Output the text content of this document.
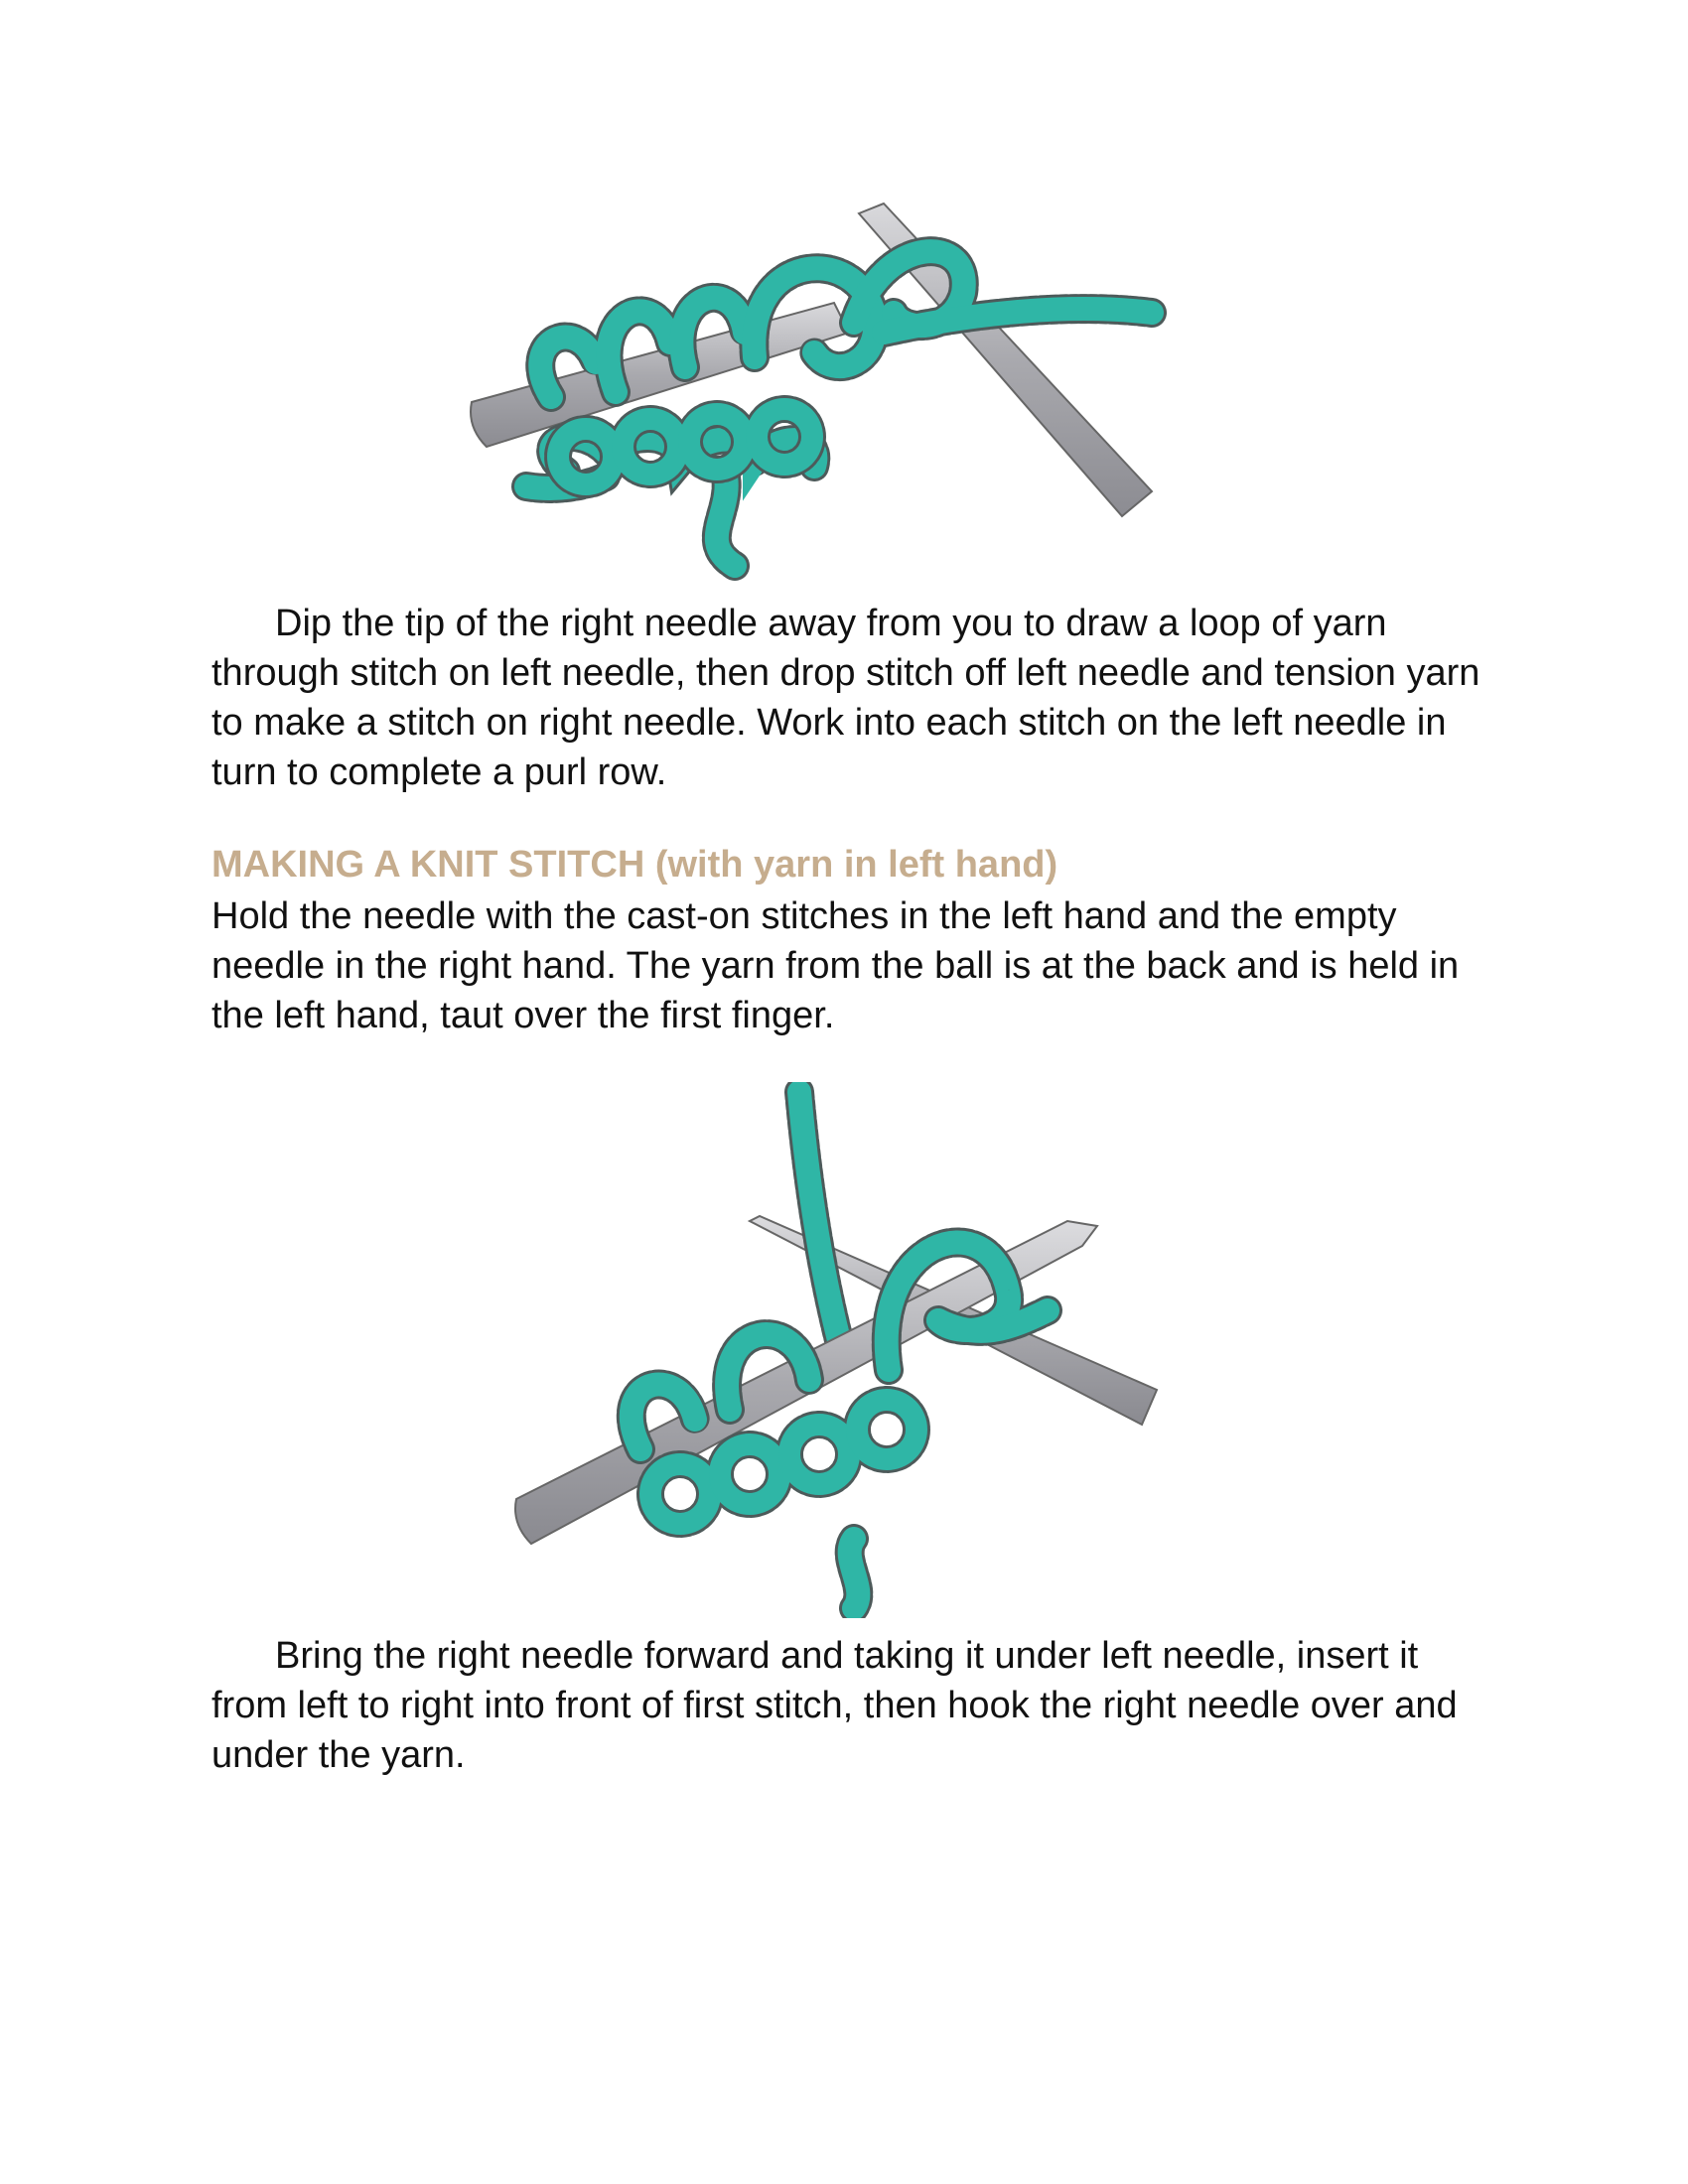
Dip the tip of the right needle away from you to draw a loop of yarn through stitch on left needle, then drop stitch off left needle and tension yarn to make a stitch on right needle. Work into each stitch on the left needle in turn to complete a purl row.

MAKING A KNIT STITCH (with yarn in left hand)

Hold the needle with the cast-on stitches in the left hand and the empty needle in the right hand. The yarn from the ball is at the back and is held in the left hand, taut over the first finger.

Bring the right needle forward and taking it under left needle, insert it from left to right into front of first stitch, then hook the right needle over and under the yarn.
